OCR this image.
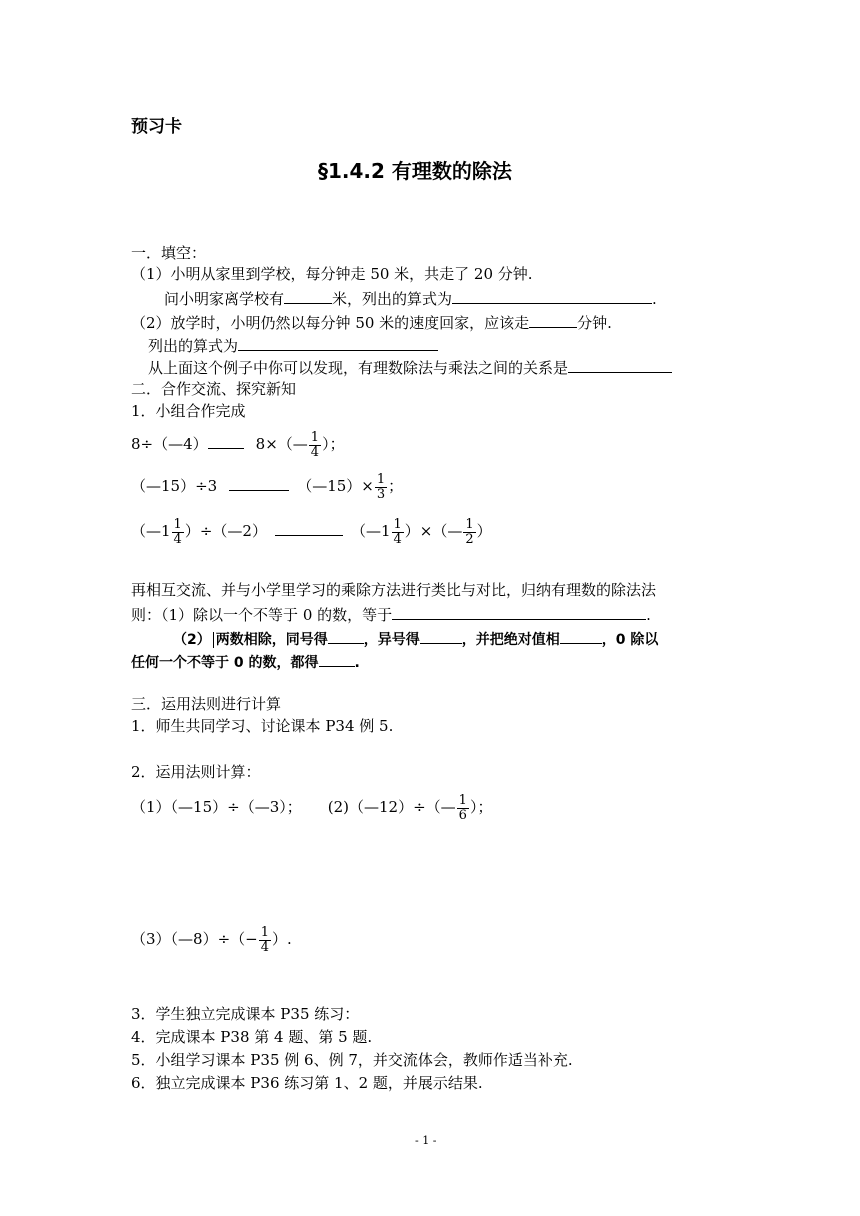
预习卡
§1.4.2 有理数的除法
一．填空：
（1）小明从家里到学校，每分钟走 50 米，共走了 20 分钟.
问小明家离学校有	米，列出的算式为	.
（2）放学时，小明仍然以每分钟 50 米的速度回家，应该走	分钟.
列出的算式为
从上面这个例子中你可以发现，有理数除法与乘法之间的关系是
二．合作交流、探究新知
1．小组合作完成
8÷（—4）	8×（— $\frac{1}{4}$ ）；
（—15）÷3	（—15）× $\frac{1}{3}$ ；
（—1 $\frac{1}{4}$ ）÷（—2）	（—1 $\frac{1}{4}$ ）×（— $\frac{1}{2}$ ）
再相互交流、并与小学里学习的乘除方法进行类比与对比，归纳有理数的除法法
则：（1）除以一个不等于 0 的数，等于	.
（2） 两数相除，同号得	，异号得	，并把绝对值相	，0 除以
任何一个不等于 0 的数，都得	.
三．运用法则进行计算
1．师生共同学习、讨论课本 P34 例 5.
2．运用法则计算：
（1）（—15）÷（—3）； (2)（—12）÷（— $\frac{1}{6}$ ）；
（3）（—8）÷（− $\frac{1}{4}$ ）.
3．学生独立完成课本 P35 练习：
4．完成课本 P38 第 4 题、第 5 题.
5．小组学习课本 P35 例 6、例 7，并交流体会，教师作适当补充.
6．独立完成课本 P36 练习第 1、2 题，并展示结果.
- 1 -
